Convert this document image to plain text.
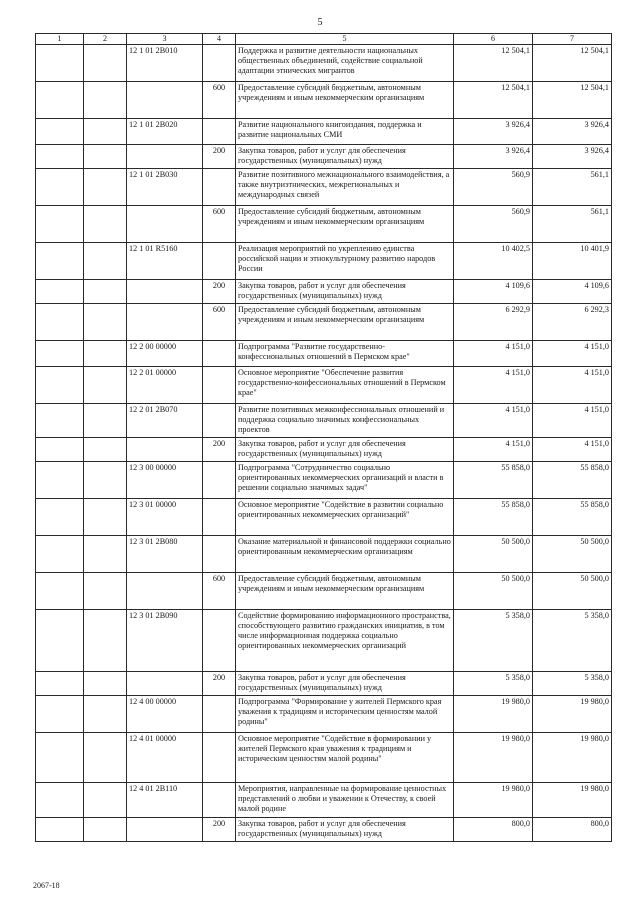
5
1	2	3	4	5	6	7
		12 1 01 2В010		Поддержка и развитие деятельности национальных общественных объединений, содействие социальной адаптации этнических мигрантов	12 504,1	12 504,1
			600	Предоставление субсидий бюджетным, автономным учреждениям и иным некоммерческим организациям	12 504,1	12 504,1
		12 1 01 2В020		Развитие национального книгоиздания, поддержка и развитие национальных СМИ	3 926,4	3 926,4
			200	Закупка товаров, работ и услуг для обеспечения государственных (муниципальных) нужд	3 926,4	3 926,4
		12 1 01 2В030		Развитие позитивного межнационального взаимодействия, а также внутриэтнических, межрегиональных и международных связей	560,9	561,1
			600	Предоставление субсидий бюджетным, автономным учреждениям и иным некоммерческим организациям	560,9	561,1
		12 1 01 R5160		Реализация мероприятий по укреплению единства российской нации и этнокультурному развитию народов России	10 402,5	10 401,9
			200	Закупка товаров, работ и услуг для обеспечения государственных (муниципальных) нужд	4 109,6	4 109,6
			600	Предоставление субсидий бюджетным, автономным учреждениям и иным некоммерческим организациям	6 292,9	6 292,3
		12 2 00 00000		Подпрограмма "Развитие государственно-конфессиональных отношений в Пермском крае"	4 151,0	4 151,0
		12 2 01 00000		Основное мероприятие "Обеспечение развития государственно-конфессиональных отношений в Пермском крае"	4 151,0	4 151,0
		12 2 01 2В070		Развитие позитивных межконфессиональных отношений и поддержка социально значимых конфессиональных проектов	4 151,0	4 151,0
			200	Закупка товаров, работ и услуг для обеспечения государственных (муниципальных) нужд	4 151,0	4 151,0
		12 3 00 00000		Подпрограмма "Сотрудничество социально ориентированных некоммерческих организаций и власти в решении социально значимых задач"	55 858,0	55 858,0
		12 3 01 00000		Основное мероприятие "Содействие в развитии социально ориентированных некоммерческих организаций"	55 858,0	55 858,0
		12 3 01 2В080		Оказание материальной и финансовой поддержки социально ориентированным некоммерческим организациям	50 500,0	50 500,0
			600	Предоставление субсидий бюджетным, автономным учреждениям и иным некоммерческим организациям	50 500,0	50 500,0
		12 3 01 2В090		Содействие формированию информационного пространства, способствующего развитию гражданских инициатив, в том числе информационная поддержка социально ориентированных некоммерческих организаций	5 358,0	5 358,0
			200	Закупка товаров, работ и услуг для обеспечения государственных (муниципальных) нужд	5 358,0	5 358,0
		12 4 00 00000		Подпрограмма "Формирование у жителей Пермского края уважения к традициям и историческим ценностям малой родины"	19 980,0	19 980,0
		12 4 01 00000		Основное мероприятие "Содействие в формировании у жителей Пермского края уважения к традициям и историческим ценностям малой родины"	19 980,0	19 980,0
		12 4 01 2В110		Мероприятия, направленные на формирование ценностных представлений о любви и уважении к Отечеству, к своей малой родине	19 980,0	19 980,0
			200	Закупка товаров, работ и услуг для обеспечения государственных (муниципальных) нужд	800,0	800,0
2067-18
